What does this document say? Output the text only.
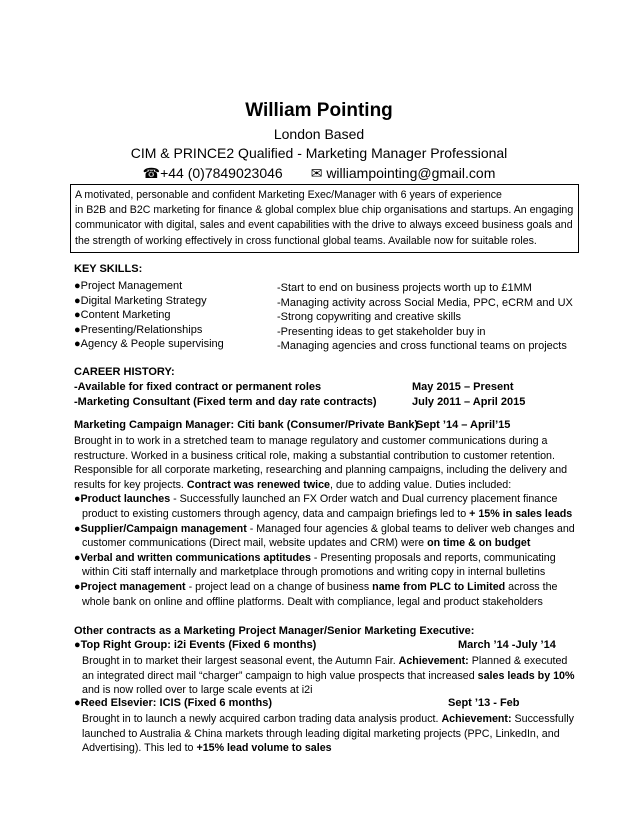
William Pointing
London Based
CIM & PRINCE2 Qualified - Marketing Manager Professional
☎+44 (0)7849023046 ✉ williampointing@gmail.com
A motivated, personable and confident Marketing Exec/Manager with 6 years of experience
in B2B and B2C marketing for finance & global complex blue chip organisations and startups. An engaging
communicator with digital, sales and event capabilities with the drive to always exceed business goals and
the strength of working effectively in cross functional global teams. Available now for suitable roles.
KEY SKILLS:
●Project Management
●Digital Marketing Strategy
●Content Marketing
●Presenting/Relationships
●Agency & People supervising
-Start to end on business projects worth up to £1MM
-Managing activity across Social Media, PPC, eCRM and UX
-Strong copywriting and creative skills
-Presenting ideas to get stakeholder buy in
-Managing agencies and cross functional teams on projects
CAREER HISTORY:
-Available for fixed contract or permanent roles	May 2015 – Present
-Marketing Consultant (Fixed term and day rate contracts)	July 2011 – April 2015
Marketing Campaign Manager: Citi bank (Consumer/Private Bank)
Sept ’14 – April’15
Brought in to work in a stretched team to manage regulatory and customer communications during a
restructure. Worked in a business critical role, making a substantial contribution to customer retention.
Responsible for all corporate marketing, researching and planning campaigns, including the delivery and
results for key projects. Contract was renewed twice, due to adding value. Duties included:
●Product launches - Successfully launched an FX Order watch and Dual currency placement finance
product to existing customers through agency, data and campaign briefings led to + 15% in sales leads
●Supplier/Campaign management - Managed four agencies & global teams to deliver web changes and
customer communications (Direct mail, website updates and CRM) were on time & on budget
●Verbal and written communications aptitudes - Presenting proposals and reports, communicating
within Citi staff internally and marketplace through promotions and writing copy in internal bulletins
●Project management - project lead on a change of business name from PLC to Limited across the
whole bank on online and offline platforms. Dealt with compliance, legal and product stakeholders
Other contracts as a Marketing Project Manager/Senior Marketing Executive:
●Top Right Group: i2i Events (Fixed 6 months)	March ’14 -July ’14
Brought in to market their largest seasonal event, the Autumn Fair. Achievement: Planned & executed
an integrated direct mail “charger” campaign to high value prospects that increased sales leads by 10%
and is now rolled over to large scale events at i2i
●Reed Elsevier: ICIS (Fixed 6 months)	Sept ’13 - Feb
Brought in to launch a newly acquired carbon trading data analysis product. Achievement: Successfully
launched to Australia & China markets through leading digital marketing projects (PPC, LinkedIn, and
Advertising). This led to +15% lead volume to sales
